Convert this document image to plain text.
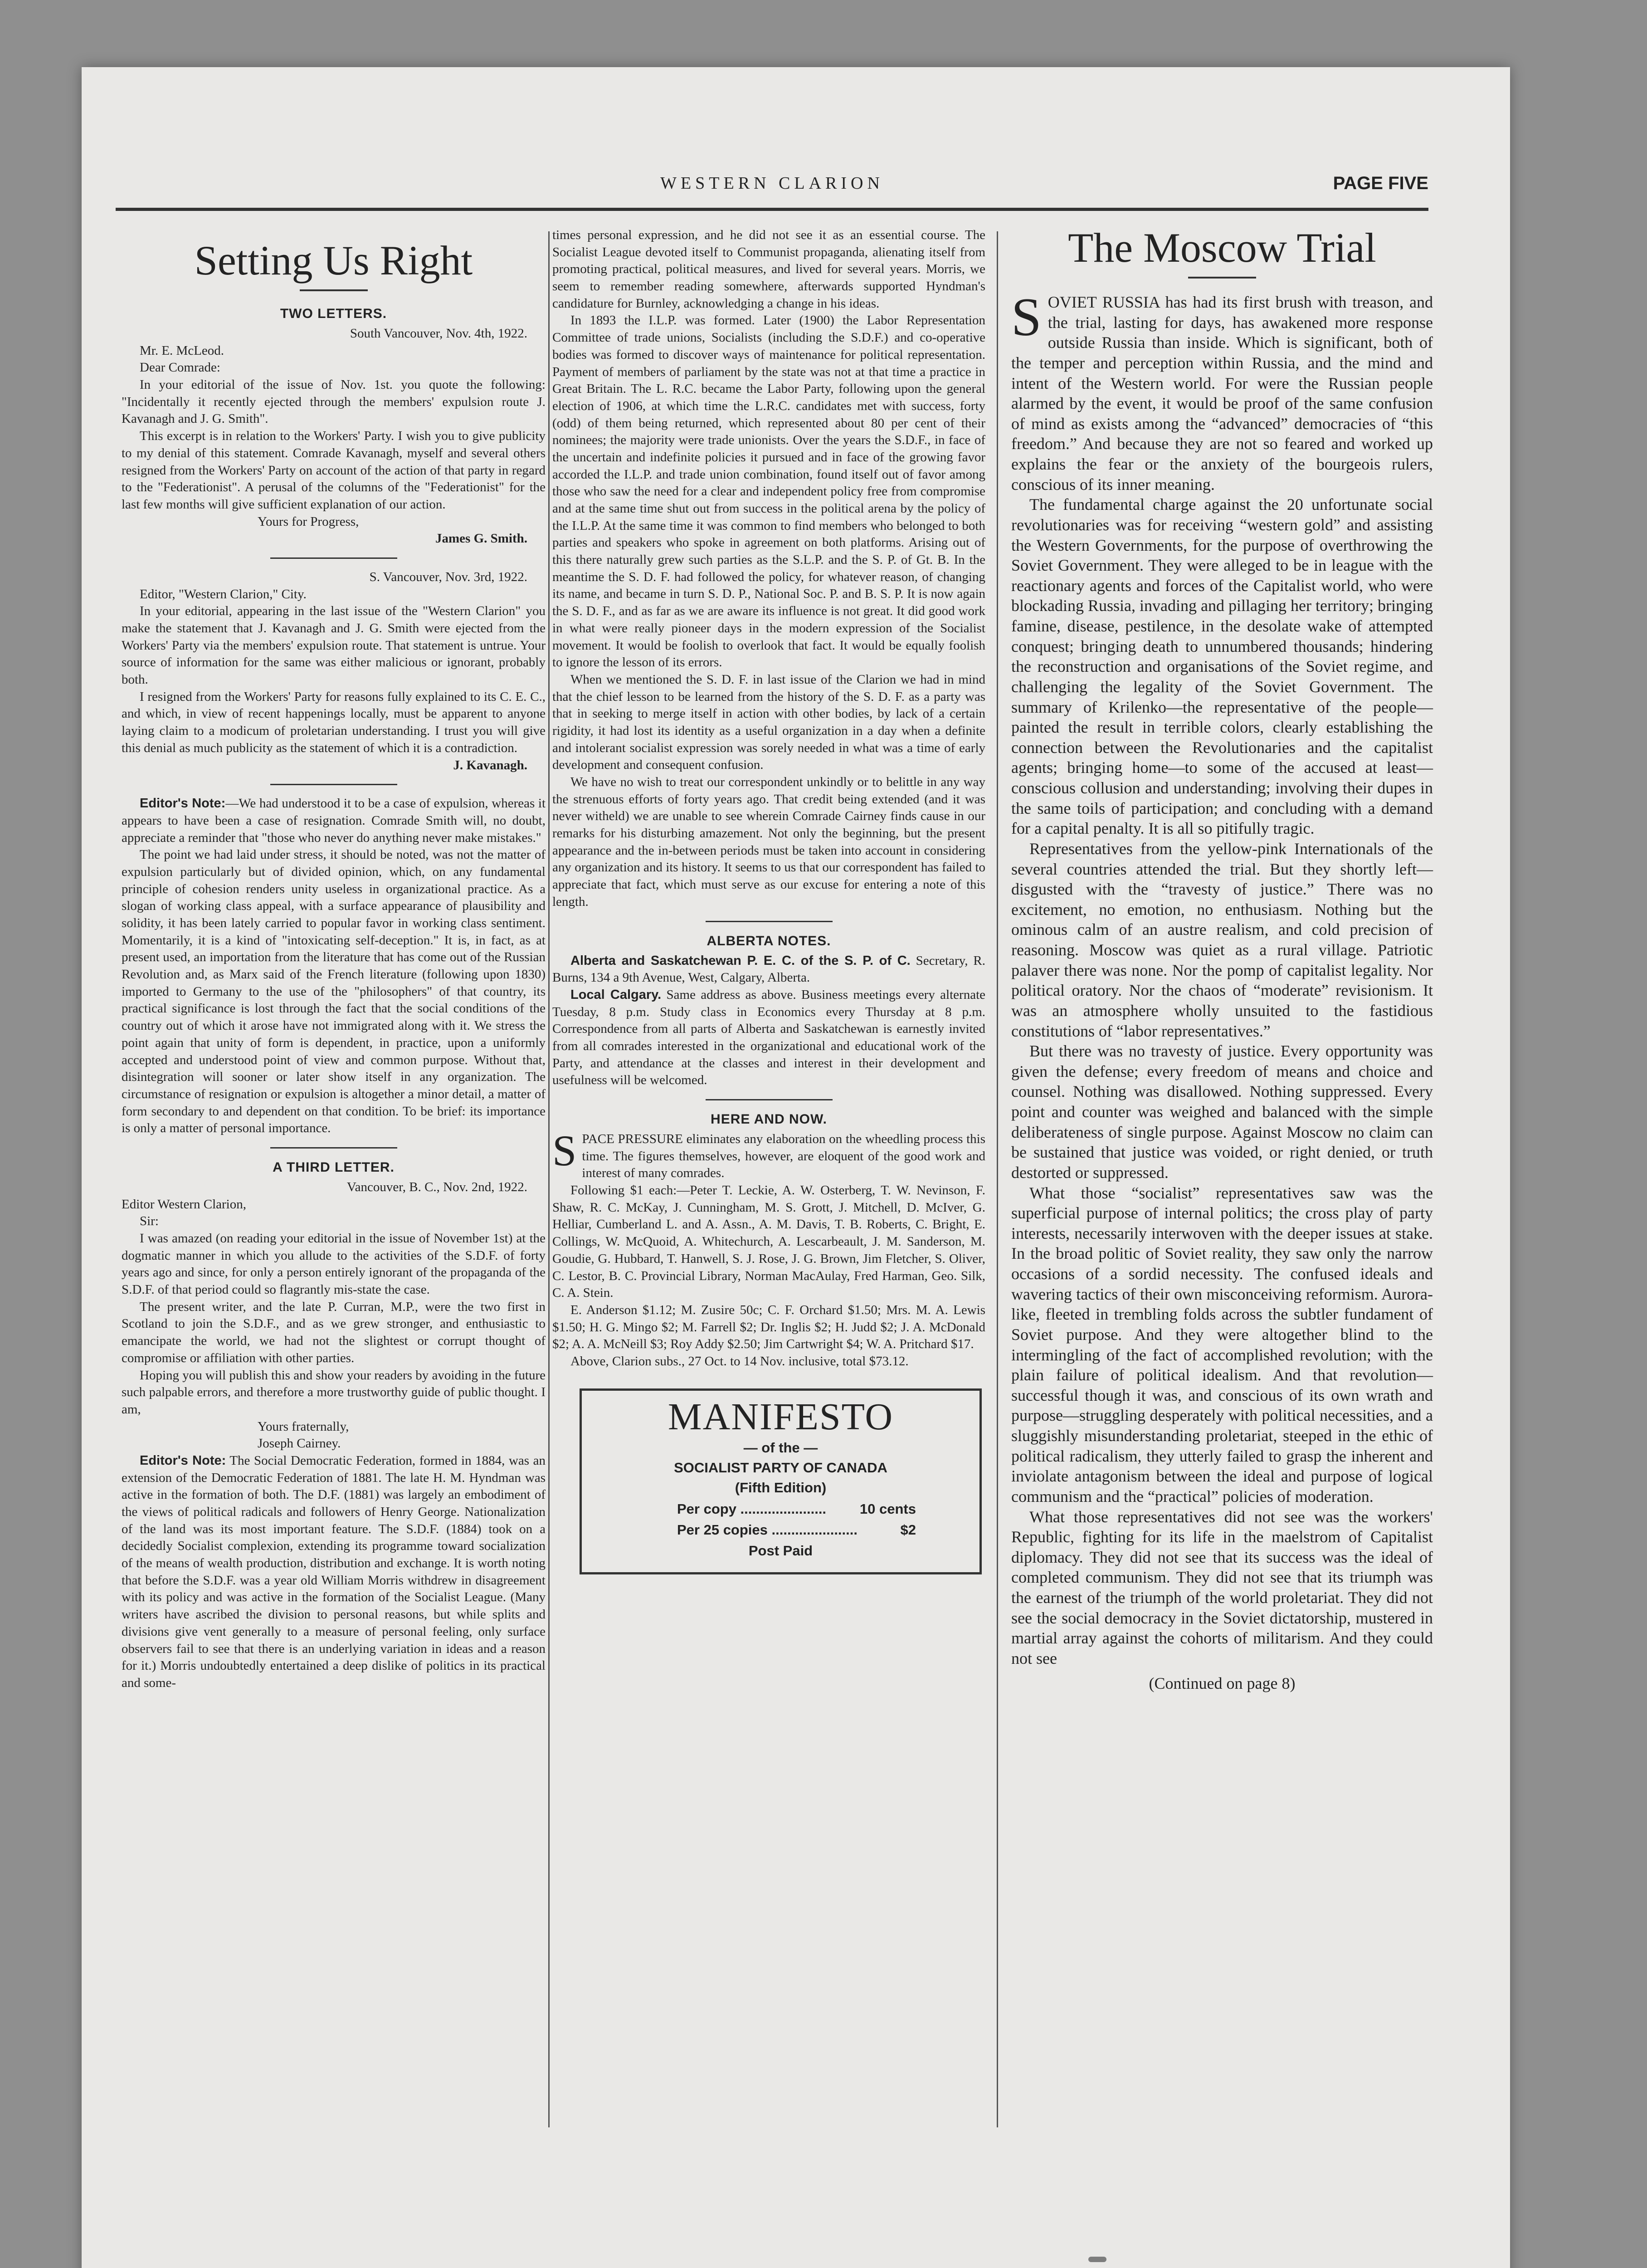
WESTERN CLARION	PAGE FIVE
Setting Us Right
TWO LETTERS.

South Vancouver, Nov. 4th, 1922.

Mr. E. McLeod.

Dear Comrade:

In your editorial of the issue of Nov. 1st. you quote the following: "Incidentally it recently ejected through the members' expulsion route J. Kavanagh and J. G. Smith".

This excerpt is in relation to the Workers' Party. I wish you to give publicity to my denial of this statement. Comrade Kavanagh, myself and several others resigned from the Workers' Party on account of the action of that party in regard to the "Federationist". A perusal of the columns of the "Federationist" for the last few months will give sufficient explanation of our action.

Yours for Progress,

James G. Smith.

S. Vancouver, Nov. 3rd, 1922.

Editor, "Western Clarion," City.

In your editorial, appearing in the last issue of the "Western Clarion" you make the statement that J. Kavanagh and J. G. Smith were ejected from the Workers' Party via the members' expulsion route. That statement is untrue. Your source of information for the same was either malicious or ignorant, probably both.

I resigned from the Workers' Party for reasons fully explained to its C. E. C., and which, in view of recent happenings locally, must be apparent to anyone laying claim to a modicum of proletarian understanding. I trust you will give this denial as much publicity as the statement of which it is a contradiction.

J. Kavanagh.

Editor's Note:—We had understood it to be a case of expulsion, whereas it appears to have been a case of resignation. Comrade Smith will, no doubt, appreciate a reminder that "those who never do anything never make mistakes."

The point we had laid under stress, it should be noted, was not the matter of expulsion particularly but of divided opinion, which, on any fundamental principle of cohesion renders unity useless in organizational practice. As a slogan of working class appeal, with a surface appearance of plausibility and solidity, it has been lately carried to popular favor in working class sentiment. Momentarily, it is a kind of "intoxicating self-deception." It is, in fact, as at present used, an importation from the literature that has come out of the Russian Revolution and, as Marx said of the French literature (following upon 1830) imported to Germany to the use of the "philosophers" of that country, its practical significance is lost through the fact that the social conditions of the country out of which it arose have not immigrated along with it. We stress the point again that unity of form is dependent, in practice, upon a uniformly accepted and understood point of view and common purpose. Without that, disintegration will sooner or later show itself in any organization. The circumstance of resignation or expulsion is altogether a minor detail, a matter of form secondary to and dependent on that condition. To be brief: its importance is only a matter of personal importance.

A THIRD LETTER.

Vancouver, B. C., Nov. 2nd, 1922.

Editor Western Clarion,

Sir:

I was amazed (on reading your editorial in the issue of November 1st) at the dogmatic manner in which you allude to the activities of the S.D.F. of forty years ago and since, for only a person entirely ignorant of the propaganda of the S.D.F. of that period could so flagrantly mis-state the case.

The present writer, and the late P. Curran, M.P., were the two first in Scotland to join the S.D.F., and as we grew stronger, and enthusiastic to emancipate the world, we had not the slightest or corrupt thought of compromise or affiliation with other parties.

Hoping you will publish this and show your readers by avoiding in the future such palpable errors, and therefore a more trustworthy guide of public thought. I am,

Yours fraternally,

Joseph Cairney.

Editor's Note: The Social Democratic Federation, formed in 1884, was an extension of the Democratic Federation of 1881. The late H. M. Hyndman was active in the formation of both. The D.F. (1881) was largely an embodiment of the views of political radicals and followers of Henry George. Nationalization of the land was its most important feature. The S.D.F. (1884) took on a decidedly Socialist complexion, extending its programme toward socialization of the means of wealth production, distribution and exchange. It is worth noting that before the S.D.F. was a year old William Morris withdrew in disagreement with its policy and was active in the formation of the Socialist League. (Many writers have ascribed the division to personal reasons, but while splits and divisions give vent generally to a measure of personal feeling, only surface observers fail to see that there is an underlying variation in ideas and a reason for it.) Morris undoubtedly entertained a deep dislike of politics in its practical and some-

times personal expression, and he did not see it as an essential course. The Socialist League devoted itself to Communist propaganda, alienating itself from promoting practical, political measures, and lived for several years. Morris, we seem to remember reading somewhere, afterwards supported Hyndman's candidature for Burnley, acknowledging a change in his ideas.

In 1893 the I.L.P. was formed. Later (1900) the Labor Representation Committee of trade unions, Socialists (including the S.D.F.) and co-operative bodies was formed to discover ways of maintenance for political representation. Payment of members of parliament by the state was not at that time a practice in Great Britain. The L. R.C. became the Labor Party, following upon the general election of 1906, at which time the L.R.C. candidates met with success, forty (odd) of them being returned, which represented about 80 per cent of their nominees; the majority were trade unionists. Over the years the S.D.F., in face of the uncertain and indefinite policies it pursued and in face of the growing favor accorded the I.L.P. and trade union combination, found itself out of favor among those who saw the need for a clear and independent policy free from compromise and at the same time shut out from success in the political arena by the policy of the I.L.P. At the same time it was common to find members who belonged to both parties and speakers who spoke in agreement on both platforms. Arising out of this there naturally grew such parties as the S.L.P. and the S. P. of Gt. B. In the meantime the S. D. F. had followed the policy, for whatever reason, of changing its name, and became in turn S. D. P., National Soc. P. and B. S. P. It is now again the S. D. F., and as far as we are aware its influence is not great. It did good work in what were really pioneer days in the modern expression of the Socialist movement. It would be foolish to overlook that fact. It would be equally foolish to ignore the lesson of its errors.

When we mentioned the S. D. F. in last issue of the Clarion we had in mind that the chief lesson to be learned from the history of the S. D. F. as a party was that in seeking to merge itself in action with other bodies, by lack of a certain rigidity, it had lost its identity as a useful organization in a day when a definite and intolerant socialist expression was sorely needed in what was a time of early development and consequent confusion.

We have no wish to treat our correspondent unkindly or to belittle in any way the strenuous efforts of forty years ago. That credit being extended (and it was never witheld) we are unable to see wherein Comrade Cairney finds cause in our remarks for his disturbing amazement. Not only the beginning, but the present appearance and the in-between periods must be taken into account in considering any organization and its history. It seems to us that our correspondent has failed to appreciate that fact, which must serve as our excuse for entering a note of this length.

ALBERTA NOTES.

Alberta and Saskatchewan P. E. C. of the S. P. of C. Secretary, R. Burns, 134 a 9th Avenue, West, Calgary, Alberta.

Local Calgary. Same address as above. Business meetings every alternate Tuesday, 8 p.m. Study class in Economics every Thursday at 8 p.m. Correspondence from all parts of Alberta and Saskatchewan is earnestly invited from all comrades interested in the organizational and educational work of the Party, and attendance at the classes and interest in their development and usefulness will be welcomed.

HERE AND NOW.

SPACE PRESSURE eliminates any elaboration on the wheedling process this time. The figures themselves, however, are eloquent of the good work and interest of many comrades.

Following $1 each:—Peter T. Leckie, A. W. Osterberg, T. W. Nevinson, F. Shaw, R. C. McKay, J. Cunningham, M. S. Grott, J. Mitchell, D. McIver, G. Helliar, Cumberland L. and A. Assn., A. M. Davis, T. B. Roberts, C. Bright, E. Collings, W. McQuoid, A. Whitechurch, A. Lescarbeault, J. M. Sanderson, M. Goudie, G. Hubbard, T. Hanwell, S. J. Rose, J. G. Brown, Jim Fletcher, S. Oliver, C. Lestor, B. C. Provincial Library, Norman MacAulay, Fred Harman, Geo. Silk, C. A. Stein.

E. Anderson $1.12; M. Zusire 50c; C. F. Orchard $1.50; Mrs. M. A. Lewis $1.50; H. G. Mingo $2; M. Farrell $2; Dr. Inglis $2; H. Judd $2; J. A. McDonald $2; A. A. McNeill $3; Roy Addy $2.50; Jim Cartwright $4; W. A. Pritchard $17.

Above, Clarion subs., 27 Oct. to 14 Nov. inclusive, total $73.12.

MANIFESTO
— of the —
SOCIALIST PARTY OF CANADA
(Fifth Edition)
Per copy ...................... 10 cents
Per 25 copies ......................	$2
Post Paid
The Moscow Trial

SOVIET RUSSIA has had its first brush with treason, and the trial, lasting for days, has awakened more response outside Russia than inside. Which is significant, both of the temper and perception within Russia, and the mind and intent of the Western world. For were the Russian people alarmed by the event, it would be proof of the same confusion of mind as exists among the “advanced” democracies of “this freedom.” And because they are not so feared and worked up explains the fear or the anxiety of the bourgeois rulers, conscious of its inner meaning.

The fundamental charge against the 20 unfortunate social revolutionaries was for receiving “western gold” and assisting the Western Governments, for the purpose of overthrowing the Soviet Government. They were alleged to be in league with the reactionary agents and forces of the Capitalist world, who were blockading Russia, invading and pillaging her territory; bringing famine, disease, pestilence, in the desolate wake of attempted conquest; bringing death to unnumbered thousands; hindering the reconstruction and organisations of the Soviet regime, and challenging the legality of the Soviet Government. The summary of Krilenko—the representative of the people—painted the result in terrible colors, clearly establishing the connection between the Revolutionaries and the capitalist agents; bringing home—to some of the accused at least— conscious collusion and understanding; involving their dupes in the same toils of participation; and concluding with a demand for a capital penalty. It is all so pitifully tragic.

Representatives from the yellow-pink Internationals of the several countries attended the trial. But they shortly left—disgusted with the “travesty of justice.” There was no excitement, no emotion, no enthusiasm. Nothing but the ominous calm of an austre realism, and cold precision of reasoning. Moscow was quiet as a rural village. Patriotic palaver there was none. Nor the pomp of capitalist legality. Nor political oratory. Nor the chaos of “moderate” revisionism. It was an atmosphere wholly unsuited to the fastidious constitutions of “labor representatives.”

But there was no travesty of justice. Every opportunity was given the defense; every freedom of means and choice and counsel. Nothing was disallowed. Nothing suppressed. Every point and counter was weighed and balanced with the simple deliberateness of single purpose. Against Moscow no claim can be sustained that justice was voided, or right denied, or truth destorted or suppressed.

What those “socialist” representatives saw was the superficial purpose of internal politics; the cross play of party interests, necessarily interwoven with the deeper issues at stake. In the broad politic of Soviet reality, they saw only the narrow occasions of a sordid necessity. The confused ideals and wavering tactics of their own misconceiving reformism. Aurora-like, fleeted in trembling folds across the subtler fundament of Soviet purpose. And they were altogether blind to the intermingling of the fact of accomplished revolution; with the plain failure of political idealism. And that revolution—successful though it was, and conscious of its own wrath and purpose—struggling desperately with political necessities, and a sluggishly misunderstanding proletariat, steeped in the ethic of political radicalism, they utterly failed to grasp the inherent and inviolate antagonism between the ideal and purpose of logical communism and the “practical” policies of moderation.

What those representatives did not see was the workers' Republic, fighting for its life in the maelstrom of Capitalist diplomacy. They did not see that its success was the ideal of completed communism. They did not see that its triumph was the earnest of the triumph of the world proletariat. They did not see the social democracy in the Soviet dictatorship, mustered in martial array against the cohorts of militarism. And they could not see

(Continued on page 8)
